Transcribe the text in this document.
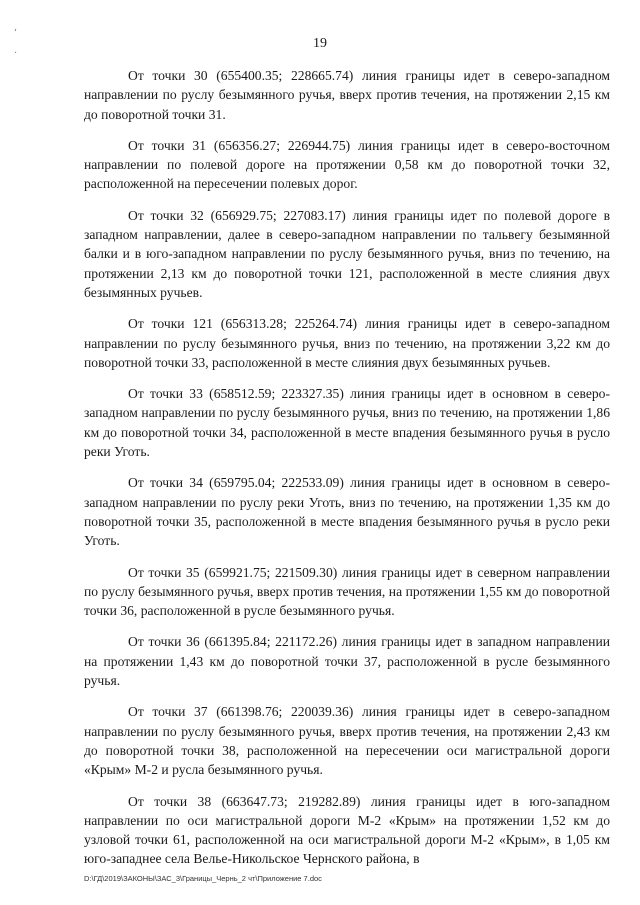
ʻ
·
19

От точки 30 (655400.35; 228665.74) линия границы идет в северо-западном направлении по руслу безымянного ручья, вверх против течения, на протяжении 2,15 км до поворотной точки 31.

От точки 31 (656356.27; 226944.75) линия границы идет в северо-восточном направлении по полевой дороге на протяжении 0,58 км до поворотной точки 32, расположенной на пересечении полевых дорог.

От точки 32 (656929.75; 227083.17) линия границы идет по полевой дороге в западном направлении, далее в северо-западном направлении по тальвегу безымянной балки и в юго-западном направлении по руслу безымянного ручья, вниз по течению, на протяжении 2,13 км до поворотной точки 121, расположенной в месте слияния двух безымянных ручьев.

От точки 121 (656313.28; 225264.74) линия границы идет в северо-западном направлении по руслу безымянного ручья, вниз по течению, на протяжении 3,22 км до поворотной точки 33, расположенной в месте слияния двух безымянных ручьев.

От точки 33 (658512.59; 223327.35) линия границы идет в основном в северо-западном направлении по руслу безымянного ручья, вниз по течению, на протяжении 1,86 км до поворотной точки 34, расположенной в месте впадения безымянного ручья в русло реки Уготь.

От точки 34 (659795.04; 222533.09) линия границы идет в основном в северо-западном направлении по руслу реки Уготь, вниз по течению, на протяжении 1,35 км до поворотной точки 35, расположенной в месте впадения безымянного ручья в русло реки Уготь.

От точки 35 (659921.75; 221509.30) линия границы идет в северном направлении по руслу безымянного ручья, вверх против течения, на протяжении 1,55 км до поворотной точки 36, расположенной в русле безымянного ручья.

От точки 36 (661395.84; 221172.26) линия границы идет в западном направлении на протяжении 1,43 км до поворотной точки 37, расположенной в русле безымянного ручья.

От точки 37 (661398.76; 220039.36) линия границы идет в северо-западном направлении по руслу безымянного ручья, вверх против течения, на протяжении 2,43 км до поворотной точки 38, расположенной на пересечении оси магистральной дороги «Крым» М-2 и русла безымянного ручья.

От точки 38 (663647.73; 219282.89) линия границы идет в юго-западном направлении по оси магистральной дороги М-2 «Крым» на протяжении 1,52 км до узловой точки 61, расположенной на оси магистральной дороги М-2 «Крым», в 1,05 км юго-западнее села Велье-Никольское Чернского района, в

D:\ГД\2019\ЗАКОНЫ\ЗАС_3\Границы_Чернь_2 чт\Приложение 7.doc
